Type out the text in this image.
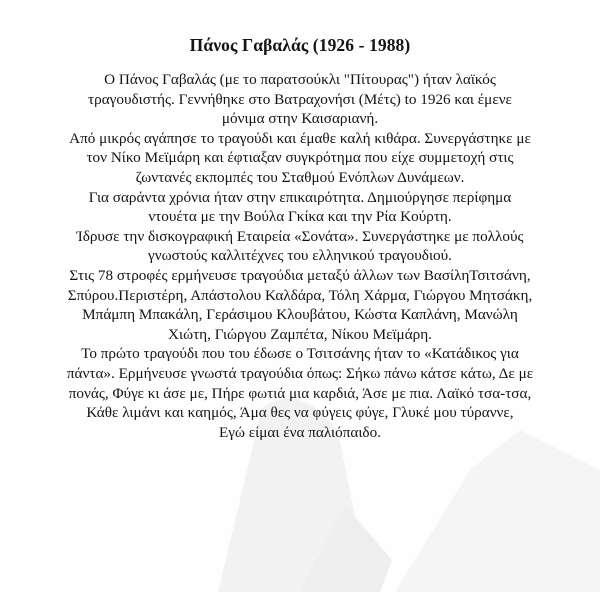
Πάνος Γαβαλάς (1926 - 1988)
Ο Πάνος Γαβαλάς (με το παρατσούκλι "Πίτουρας") ήταν λαϊκός
τραγουδιστής. Γεννήθηκε στο Βατραχονήσι (Μέτς) to 1926 και έμενε
μόνιμα στην Καισαριανή.
Από μικρός αγάπησε το τραγούδι και έμαθε καλή κιθάρα. Συνεργάστηκε με
τον Νίκο Μεϊμάρη και έφτιαξαν συγκρότημα που είχε συμμετοχή στις
ζωντανές εκπομπές του Σταθμού Ενόπλων Δυνάμεων.
Για σαράντα χρόνια ήταν στην επικαιρότητα. Δημιούργησε περίφημα
ντουέτα με την Βούλα Γκίκα και την Ρία Κούρτη.
Ίδρυσε την δισκογραφική Εταιρεία «Σονάτα». Συνεργάστηκε με πολλούς
γνωστούς καλλιτέχνες του ελληνικού τραγουδιού.
Στις 78 στροφές ερμήνευσε τραγούδια μεταξύ άλλων των ΒασίληΤσιτσάνη,
Σπύρου.Περιστέρη, Απάστολου Καλδάρα, Τόλη Χάρμα, Γιώργου Μητσάκη,
Μπάμπη Μπακάλη, Γεράσιμου Κλουβάτου, Κώστα Καπλάνη, Μανώλη
Χιώτη, Γιώργου Ζαμπέτα, Νίκου Μεϊμάρη.
Το πρώτο τραγούδι που του έδωσε ο Τσιτσάνης ήταν το «Κατάδικος για
πάντα». Ερμήνευσε γνωστά τραγούδια όπως: Σήκω πάνω κάτσε κάτω, Δε με
πονάς, Φύγε κι άσε με, Πήρε φωτιά μια καρδιά, Άσε με πια. Λαϊκό τσα-τσα,
Κάθε λιμάνι και καημός, Άμα θες να φύγεις φύγε, Γλυκέ μου τύραννε,
Εγώ είμαι ένα παλιόπαιδο.
